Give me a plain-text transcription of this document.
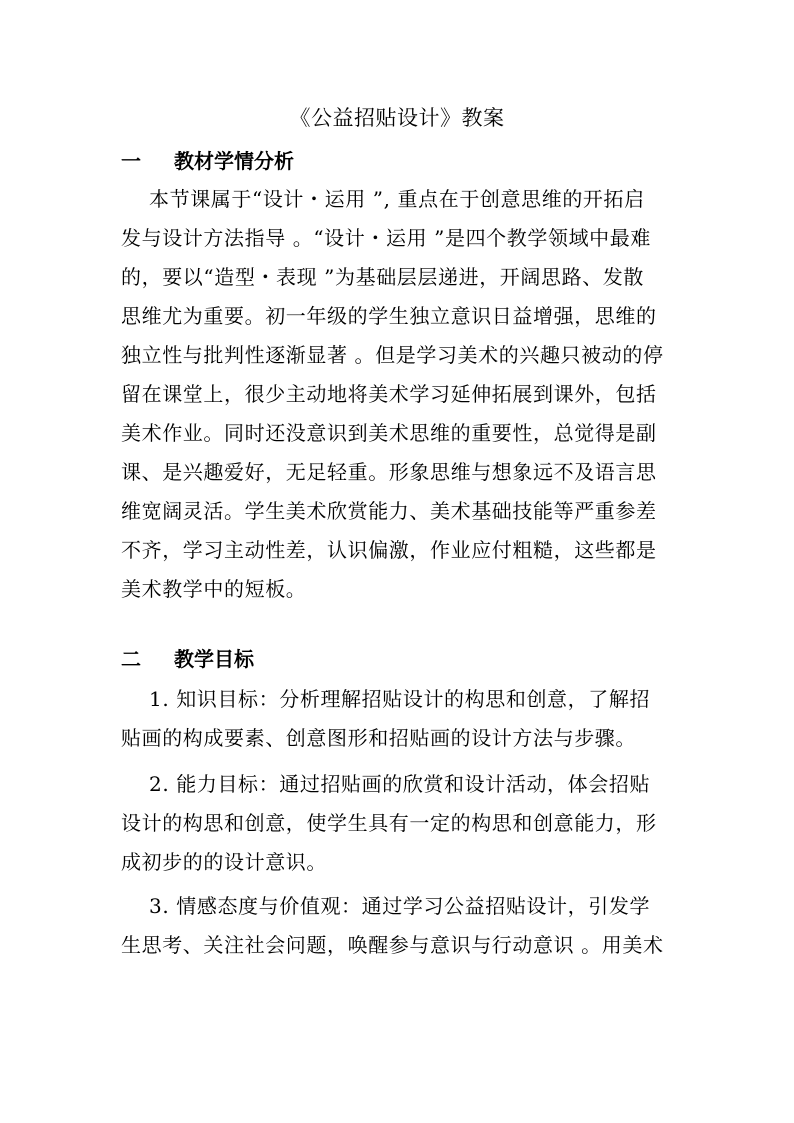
《公益招贴设计》教案
一 教材学情分析
本节课属于“设计・运用 ”, 重点在于创意思维的开拓启
发与设计方法指导 。“设计・运用 ”是四个教学领域中最难
的，要以“造型・表现 ”为基础层层递进，开阔思路、发散
思维尤为重要。初一年级的学生独立意识日益增强，思维的
独立性与批判性逐渐显著 。但是学习美术的兴趣只被动的停
留在课堂上，很少主动地将美术学习延伸拓展到课外，包括
美术作业。同时还没意识到美术思维的重要性，总觉得是副
课、是兴趣爱好，无足轻重。形象思维与想象远不及语言思
维宽阔灵活。学生美术欣赏能力、美术基础技能等严重参差
不齐，学习主动性差，认识偏激，作业应付粗糙，这些都是
美术教学中的短板。
二 教学目标
1. 知识目标：分析理解招贴设计的构思和创意，了解招
贴画的构成要素、创意图形和招贴画的设计方法与步骤。
2. 能力目标：通过招贴画的欣赏和设计活动，体会招贴
设计的构思和创意，使学生具有一定的构思和创意能力，形
成初步的的设计意识。
3. 情感态度与价值观：通过学习公益招贴设计，引发学
生思考、关注社会问题，唤醒参与意识与行动意识 。用美术
